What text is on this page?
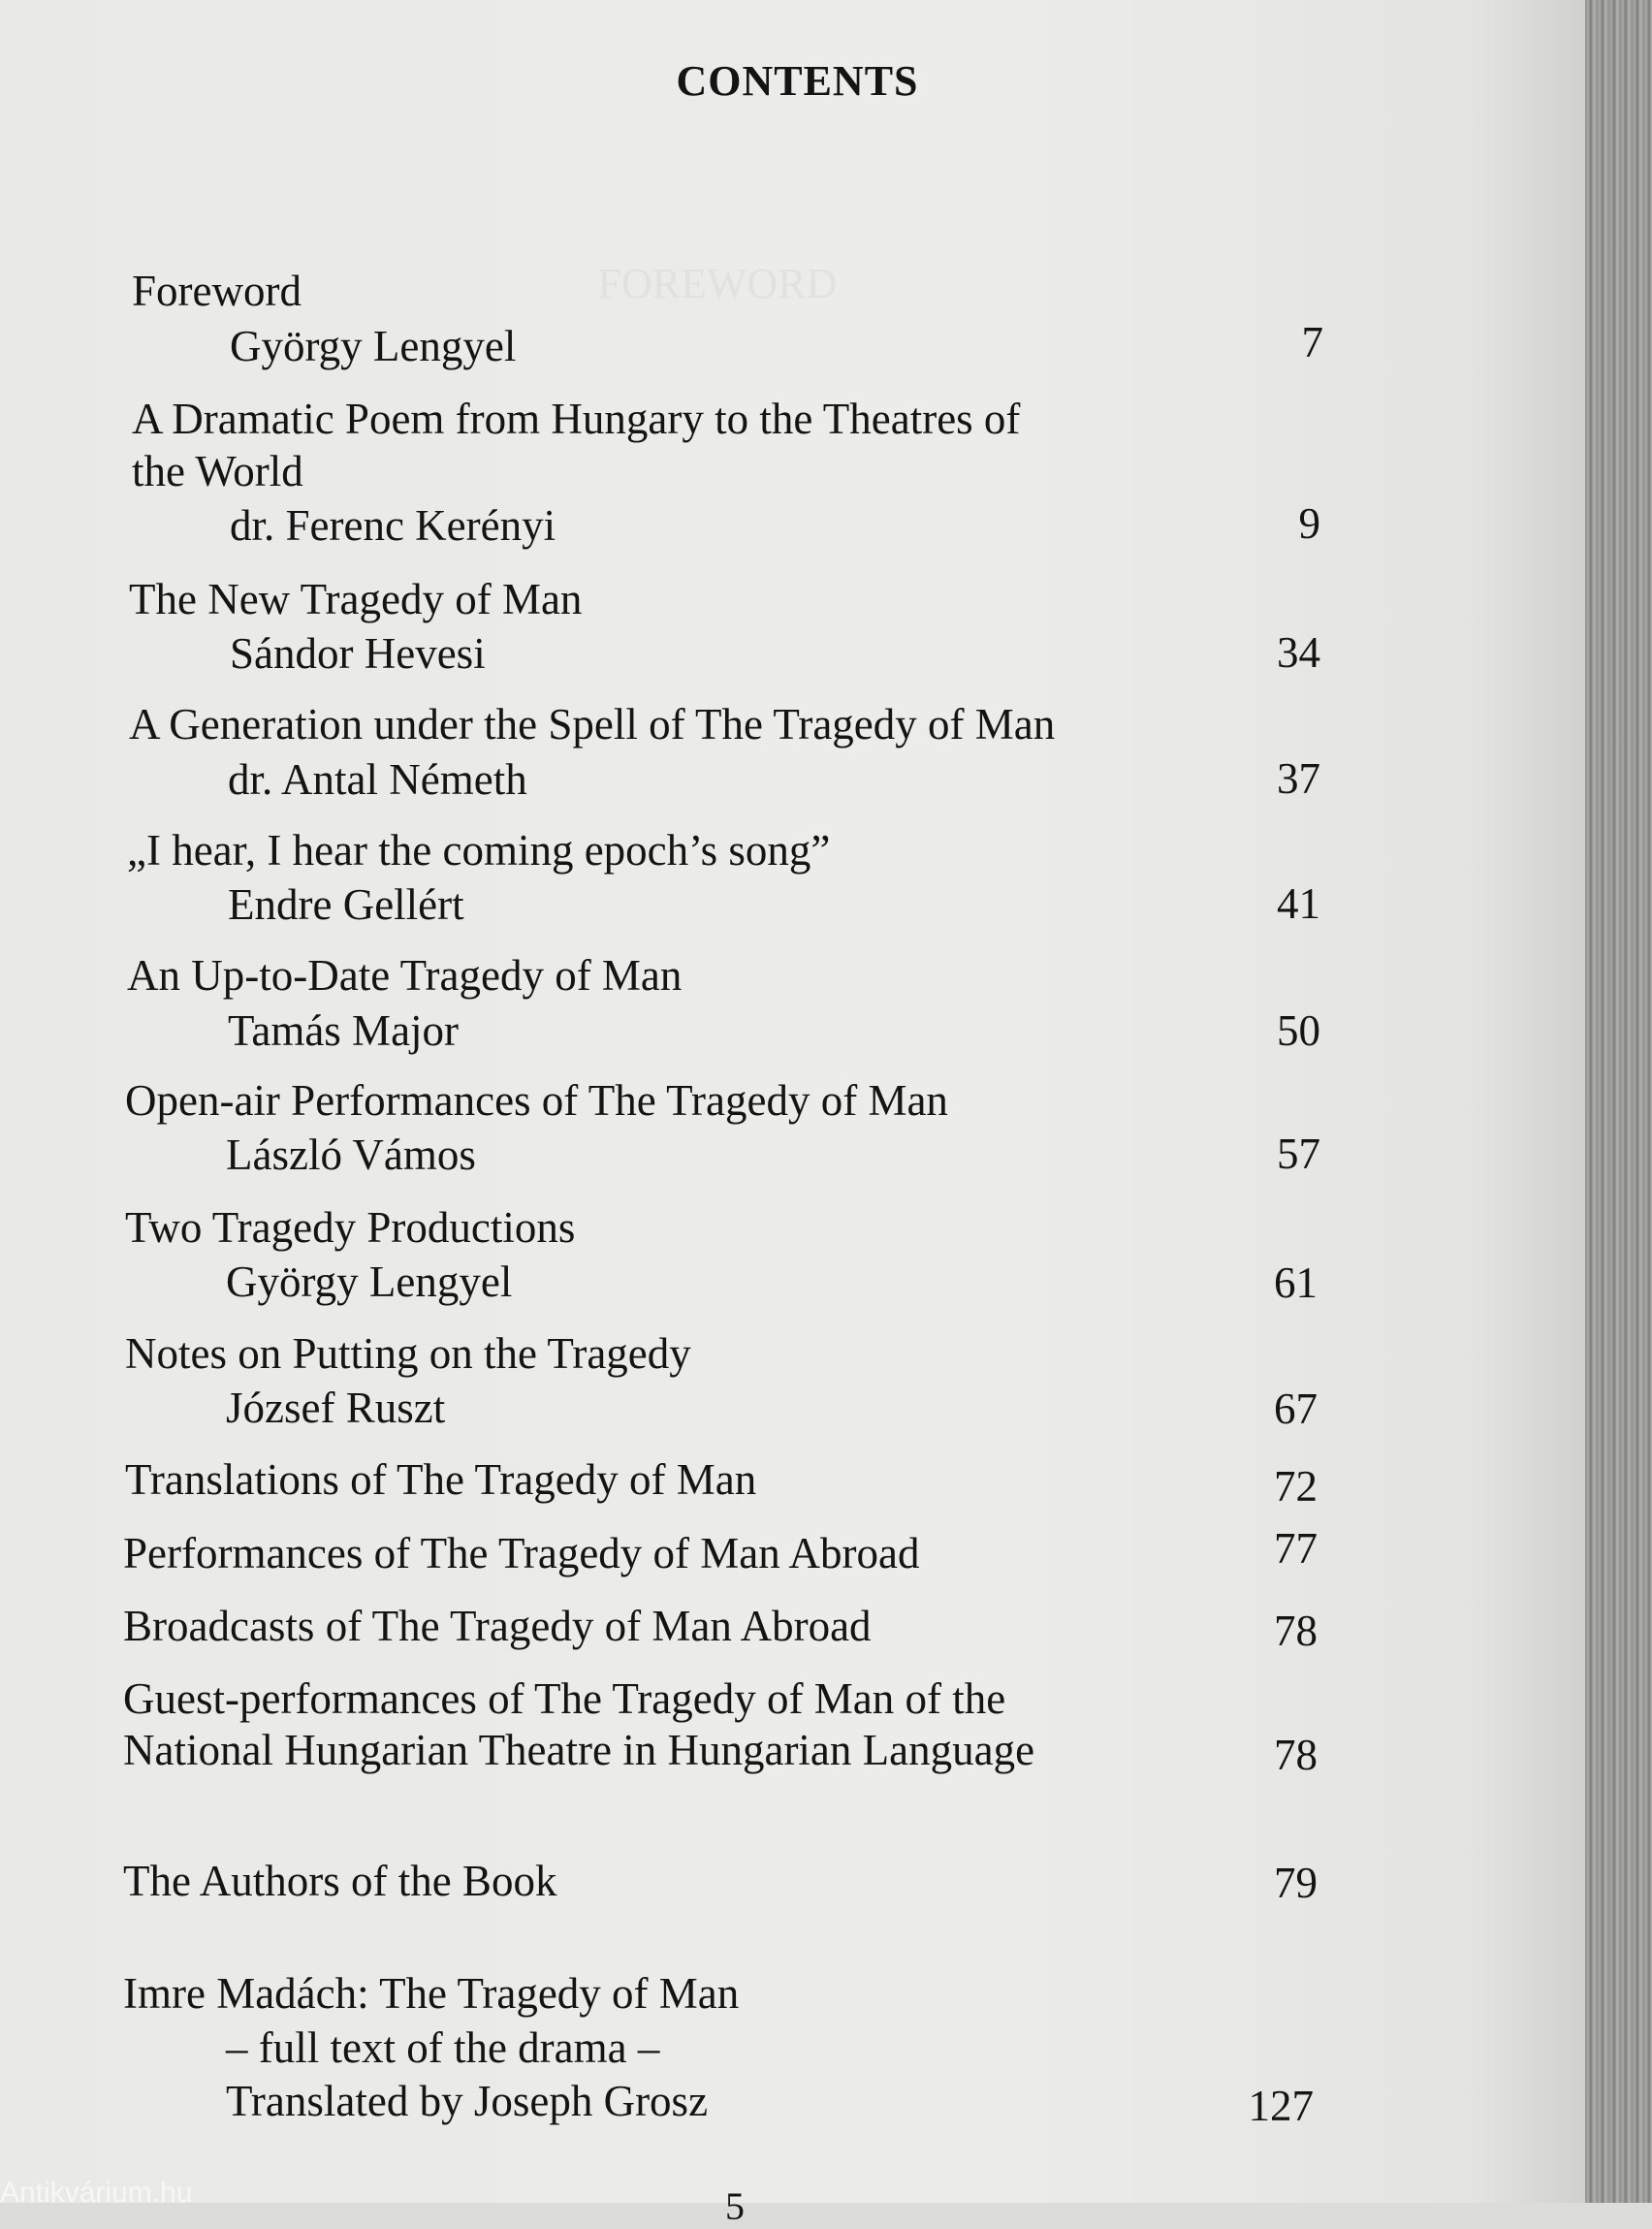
CONTENTS
Foreword
György Lengyel	7
A Dramatic Poem from Hungary to the Theatres of
the World
dr. Ferenc Kerényi	9
The New Tragedy of Man
Sándor Hevesi	34
A Generation under the Spell of The Tragedy of Man
dr. Antal Németh	37
„I hear, I hear the coming epoch’s song”
Endre Gellért	41
An Up-to-Date Tragedy of Man
Tamás Major	50
Open-air Performances of The Tragedy of Man
László Vámos	57
Two Tragedy Productions
György Lengyel	61
Notes on Putting on the Tragedy
József Ruszt	67
Translations of The Tragedy of Man	72
Performances of The Tragedy of Man Abroad	77
Broadcasts of The Tragedy of Man Abroad	78
Guest-performances of The Tragedy of Man of the
National Hungarian Theatre in Hungarian Language	78
The Authors of the Book	79
Imre Madách: The Tragedy of Man
– full text of the drama –
Translated by Joseph Grosz	127
Antikvárium.hu	5
